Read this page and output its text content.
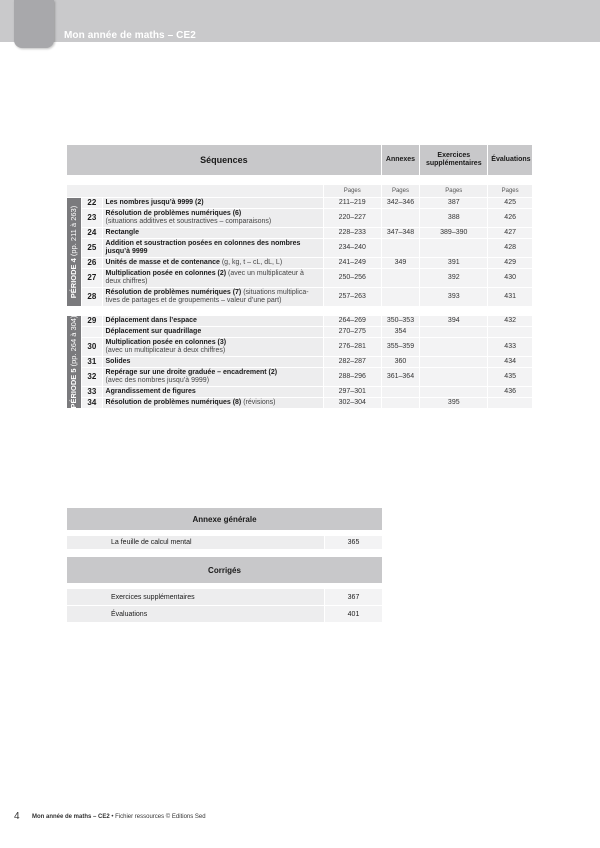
Mon année de maths – CE2
Séquences				Annexes	Exercices supplémentaires	Évaluations

			Pages	Pages	Pages	Pages

PÉRIODE 4 (pp. 211 à 263)	22	Les nombres jusqu’à 9999 (2)	211–219	342–346	387	425
	23	Résolution de problèmes numériques (6)
(situations additives et soustractives – comparaisons)	220–227		388	426
	24	Rectangle	228–233	347–348	389–390	427
	25	Addition et soustraction posées en colonnes des nombres jusqu’à 9999	234–240			428
	26	Unités de masse et de contenance (g, kg, t – cL, dL, L)	241–249	349	391	429
	27	Multiplication posée en colonnes (2) (avec un multiplicateur à deux chiffres)	250–256		392	430
	28	Résolution de problèmes numériques (7) (situations multiplica-tives de partages et de groupements – valeur d’une part)	257–263		393	431

PÉRIODE 5 (pp. 264 à 304)	29	Déplacement dans l’espace	264–269	350–353	394	432
		Déplacement sur quadrillage	270–275	354		
	30	Multiplication posée en colonnes (3)
(avec un multiplicateur à deux chiffres)	276–281	355–359		433
	31	Solides	282–287	360		434
	32	Repérage sur une droite graduée – encadrement (2)
(avec des nombres jusqu’à 9999)	288–296	361–364		435
	33	Agrandissement de figures	297–301			436
	34	Résolution de problèmes numériques (8) (révisions)	302–304		395	
Annexe générale

La feuille de calcul mental	365
Corrigés	

Exercices supplémentaires	367
Évaluations	401
4 Mon année de maths – CE2 • Fichier ressources © Editions Sed
